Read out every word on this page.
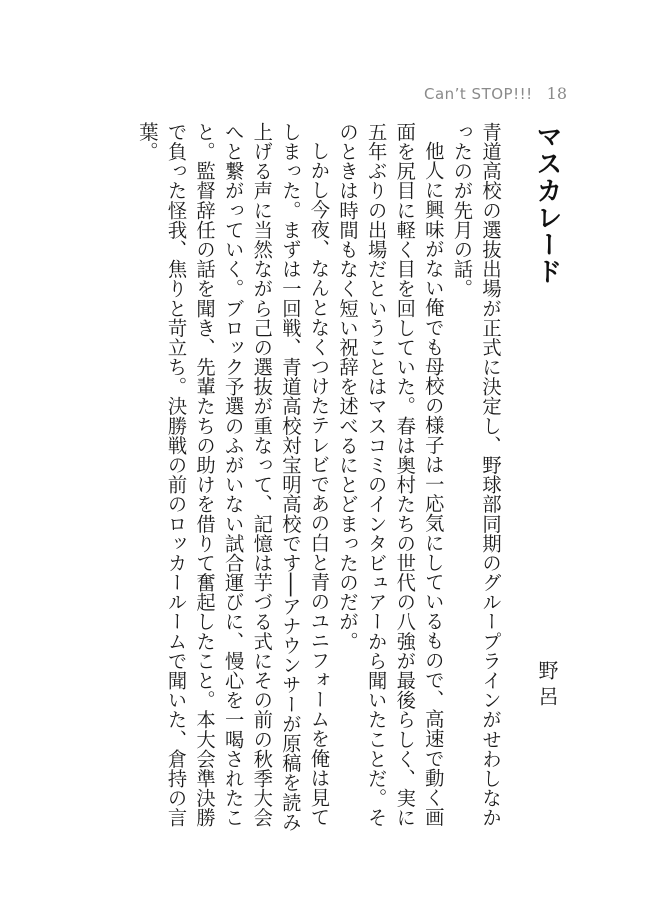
Can’t STOP!!! 18
マスカレード
野呂

青道高校の選抜出場が正式に決定し、野球部同期のグループラインがせわしなかったのが先月の話。

他人に興味がない俺でも母校の様子は一応気にしているもので、高速で動く画面を尻目に軽く目を回していた。春は奥村たちの世代の八強が最後らしく、実に五年ぶりの出場だということはマスコミのインタビュアーから聞いたことだ。そのときは時間もなく短い祝辞を述べるにとどまったのだが。

しかし今夜、なんとなくつけたテレビであの白と青のユニフォームを俺は見てしまった。まずは一回戦、青道高校対宝明高校です──アナウンサーが原稿を読み上げる声に当然ながら己の選抜が重なって、記憶は芋づる式にその前の秋季大会へと繋がっていく。ブロック予選のふがいない試合運びに、慢心を一喝されたこと。監督辞任の話を聞き、先輩たちの助けを借りて奮起したこと。本大会準決勝で負った怪我、焦りと苛立ち。決勝戦の前のロッカールームで聞いた、倉持の言葉。
